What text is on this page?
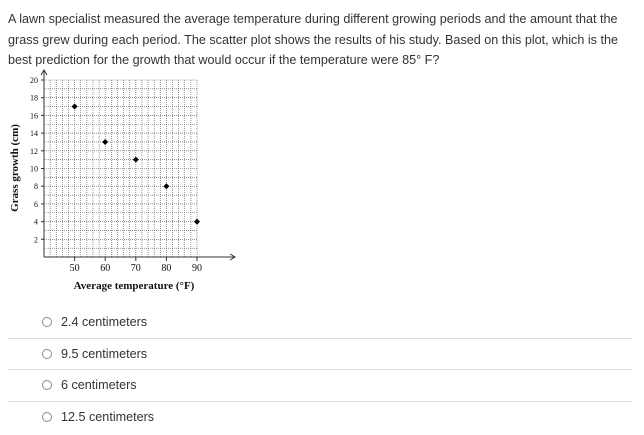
A lawn specialist measured the average temperature during different growing periods and the amount that the grass grew during each period. The scatter plot shows the results of his study. Based on this plot, which is the best prediction for the growth that would occur if the temperature were 85° F?

2
4
6
8
10
12
14
16
18
20
50 60 70 80 90
Average temperature (°F)
Grass growth (cm)
2.4 centimeters
9.5 centimeters
6 centimeters
12.5 centimeters
